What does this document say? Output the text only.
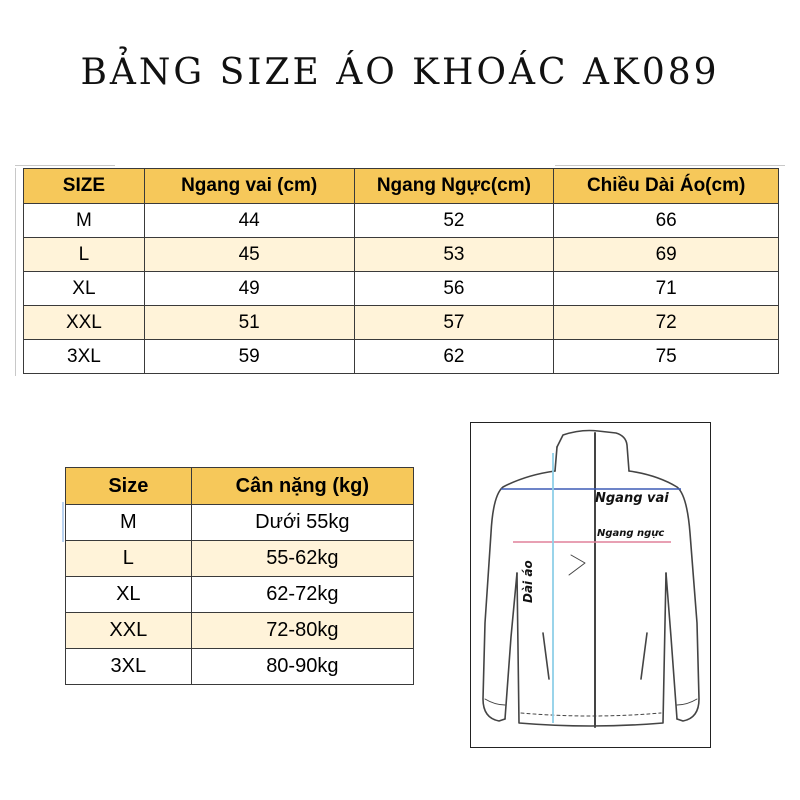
BẢNG SIZE ÁO KHOÁC AK089
SIZE	Ngang vai (cm)	Ngang Ngực(cm)	Chiều Dài Áo(cm)
M	44	52	66
L	45	53	69
XL	49	56	71
XXL	51	57	72
3XL	59	62	75
Size	Cân nặng (kg)
M	Dưới 55kg
L	55-62kg
XL	62-72kg
XXL	72-80kg
3XL	80-90kg
Ngang vai
Ngang ngực
Dài áo
